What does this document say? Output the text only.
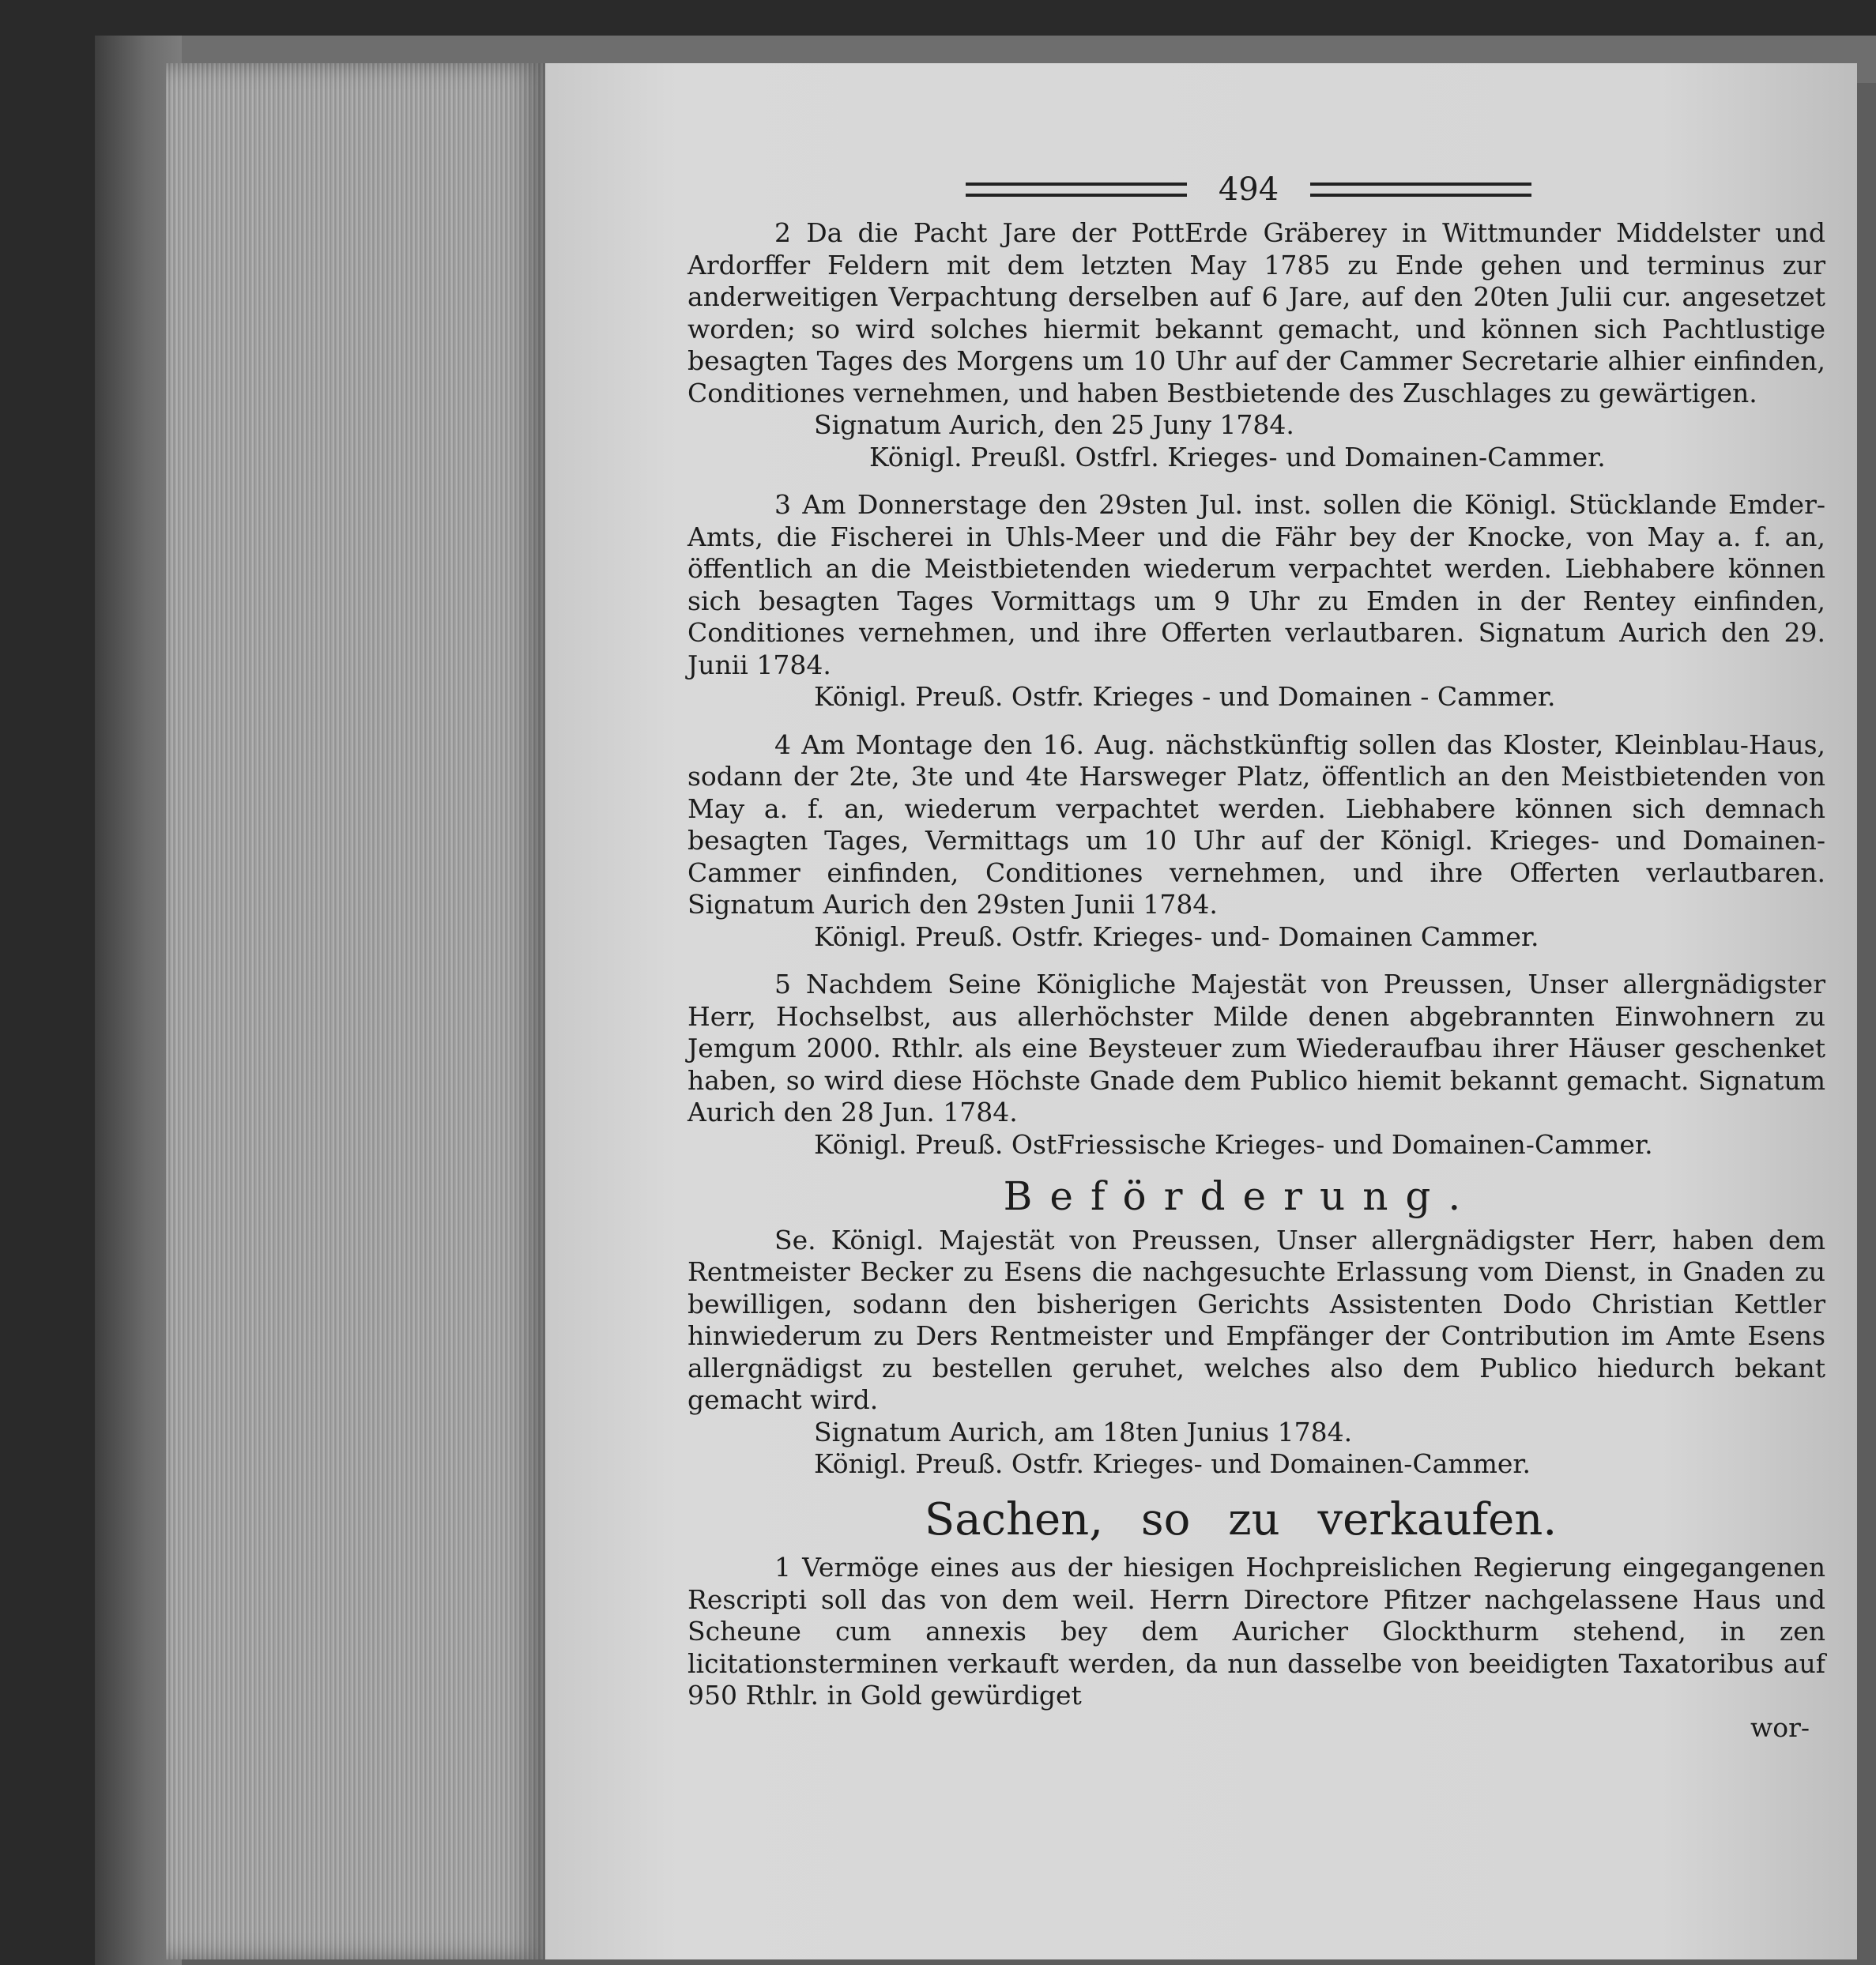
494

2 Da die Pacht Jare der PottErde Gräberey in Wittmunder Middelster und Ardorffer Feldern mit dem letzten May 1785 zu Ende gehen und terminus zur anderweitigen Verpachtung derselben auf 6 Jare, auf den 20ten Julii cur. angesetzet worden; so wird solches hiermit bekannt gemacht, und können sich Pachtlustige besagten Tages des Morgens um 10 Uhr auf der Cammer Secretarie alhier einfinden, Conditiones vernehmen, und haben Bestbietende des Zuschlages zu gewärtigen.

Signatum Aurich, den 25 Juny 1784.

Königl. Preußl. Ostfrl. Krieges- und Domainen-Cammer.

3 Am Donnerstage den 29sten Jul. inst. sollen die Königl. Stücklande Emder-Amts, die Fischerei in Uhls-Meer und die Fähr bey der Knocke, von May a. f. an, öffentlich an die Meistbietenden wiederum verpachtet werden. Liebhabere können sich besagten Tages Vormittags um 9 Uhr zu Emden in der Rentey einfinden, Conditiones vernehmen, und ihre Offerten verlautbaren. Signatum Aurich den 29. Junii 1784.

Königl. Preuß. Ostfr. Krieges - und Domainen - Cammer.

4 Am Montage den 16. Aug. nächstkünftig sollen das Kloster, Kleinblau-Haus, sodann der 2te, 3te und 4te Harsweger Platz, öffentlich an den Meistbietenden von May a. f. an, wiederum verpachtet werden. Liebhabere können sich demnach besagten Tages, Vermittags um 10 Uhr auf der Königl. Krieges- und Domainen-Cammer einfinden, Conditiones vernehmen, und ihre Offerten verlautbaren. Signatum Aurich den 29sten Junii 1784.

Königl. Preuß. Ostfr. Krieges- und- Domainen Cammer.

5 Nachdem Seine Königliche Majestät von Preussen, Unser allergnädigster Herr, Hochselbst, aus allerhöchster Milde denen abgebrannten Einwohnern zu Jemgum 2000. Rthlr. als eine Beysteuer zum Wiederaufbau ihrer Häuser geschenket haben, so wird diese Höchste Gnade dem Publico hiemit bekannt gemacht. Signatum Aurich den 28 Jun. 1784.

Königl. Preuß. OstFriessische Krieges- und Domainen-Cammer.

Beförderung.

Se. Königl. Majestät von Preussen, Unser allergnädigster Herr, haben dem Rentmeister Becker zu Esens die nachgesuchte Erlassung vom Dienst, in Gnaden zu bewilligen, sodann den bisherigen Gerichts Assistenten Dodo Christian Kettler hinwiederum zu Ders Rentmeister und Empfänger der Contribution im Amte Esens allergnädigst zu bestellen geruhet, welches also dem Publico hiedurch bekant gemacht wird.

Signatum Aurich, am 18ten Junius 1784.

Königl. Preuß. Ostfr. Krieges- und Domainen-Cammer.

Sachen, so zu verkaufen.

1 Vermöge eines aus der hiesigen Hochpreislichen Regierung eingegangenen Rescripti soll das von dem weil. Herrn Directore Pfitzer nachgelassene Haus und Scheune cum annexis bey dem Auricher Glockthurm stehend, in zen licitationsterminen verkauft werden, da nun dasselbe von beeidigten Taxatoribus auf 950 Rthlr. in Gold gewürdiget

wor-
